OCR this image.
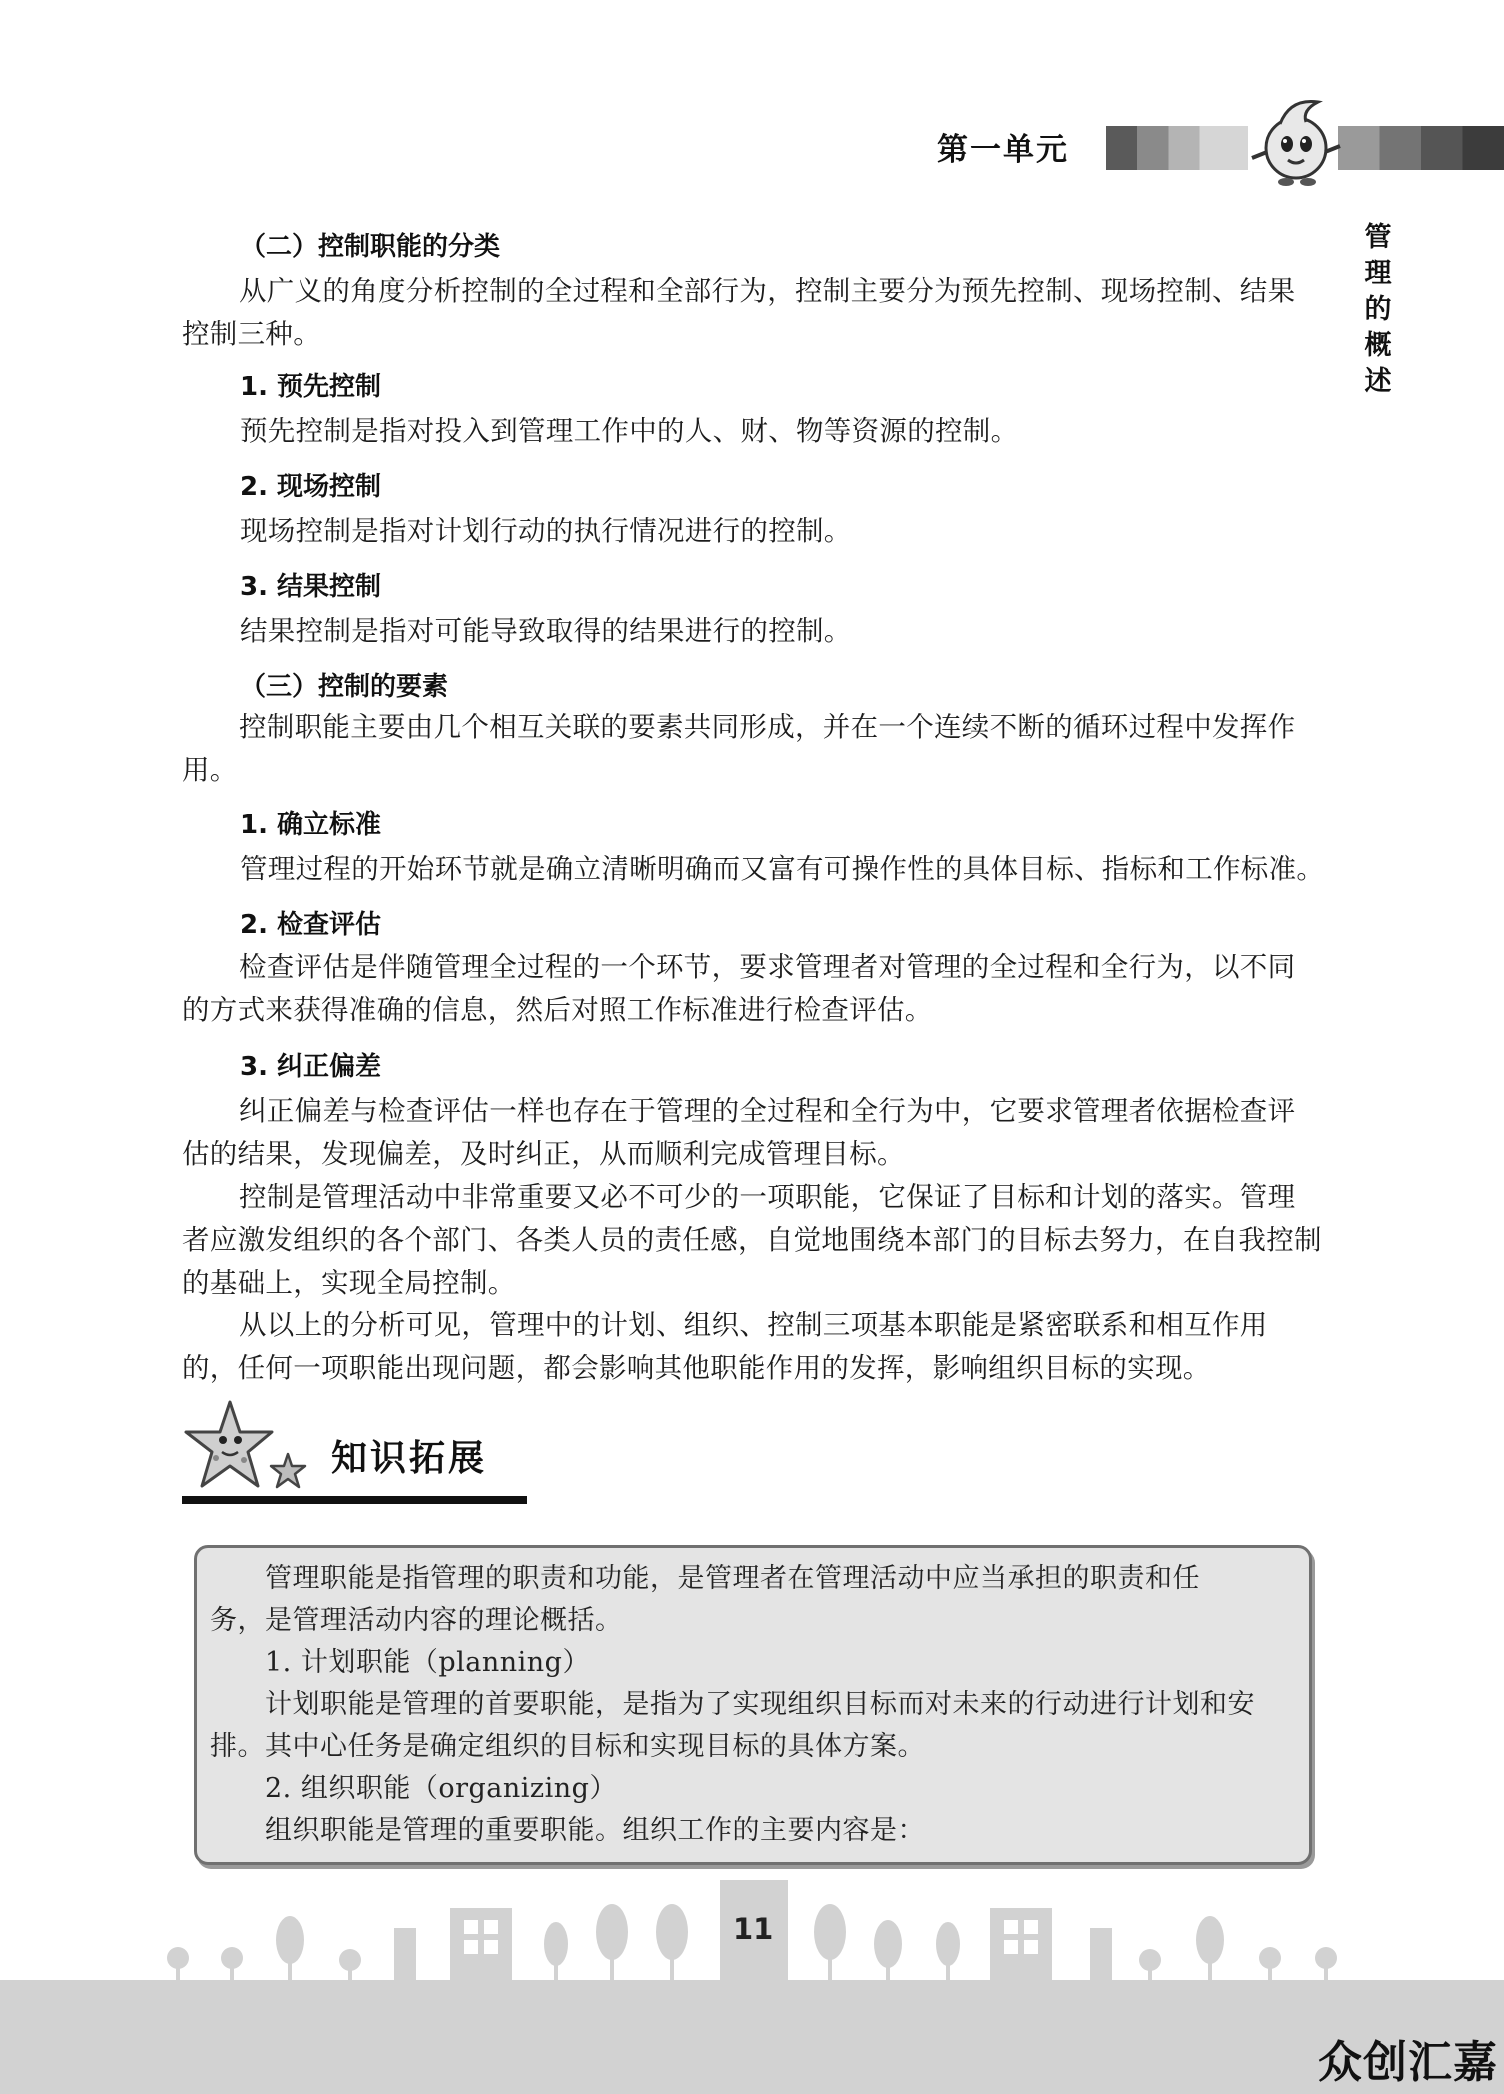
第一单元
管理的概述
（二）控制职能的分类
从广义的角度分析控制的全过程和全部行为，控制主要分为预先控制、现场控制、结果控制三种。
1. 预先控制
预先控制是指对投入到管理工作中的人、财、物等资源的控制。
2. 现场控制
现场控制是指对计划行动的执行情况进行的控制。
3. 结果控制
结果控制是指对可能导致取得的结果进行的控制。
（三）控制的要素
控制职能主要由几个相互关联的要素共同形成，并在一个连续不断的循环过程中发挥作用。
1. 确立标准
管理过程的开始环节就是确立清晰明确而又富有可操作性的具体目标、指标和工作标准。
2. 检查评估
检查评估是伴随管理全过程的一个环节，要求管理者对管理的全过程和全行为，以不同的方式来获得准确的信息，然后对照工作标准进行检查评估。
3. 纠正偏差
纠正偏差与检查评估一样也存在于管理的全过程和全行为中，它要求管理者依据检查评估的结果，发现偏差，及时纠正，从而顺利完成管理目标。
控制是管理活动中非常重要又必不可少的一项职能，它保证了目标和计划的落实。管理者应激发组织的各个部门、各类人员的责任感，自觉地围绕本部门的目标去努力，在自我控制的基础上，实现全局控制。
从以上的分析可见，管理中的计划、组织、控制三项基本职能是紧密联系和相互作用的，任何一项职能出现问题，都会影响其他职能作用的发挥，影响组织目标的实现。
知识拓展
　　管理职能是指管理的职责和功能，是管理者在管理活动中应当承担的职责和任
务，是管理活动内容的理论概括。
　　1. 计划职能（planning）
　　计划职能是管理的首要职能，是指为了实现组织目标而对未来的行动进行计划和安
排。其中心任务是确定组织的目标和实现目标的具体方案。
　　2. 组织职能（organizing）
　　组织职能是管理的重要职能。组织工作的主要内容是：
11
众创汇嘉
